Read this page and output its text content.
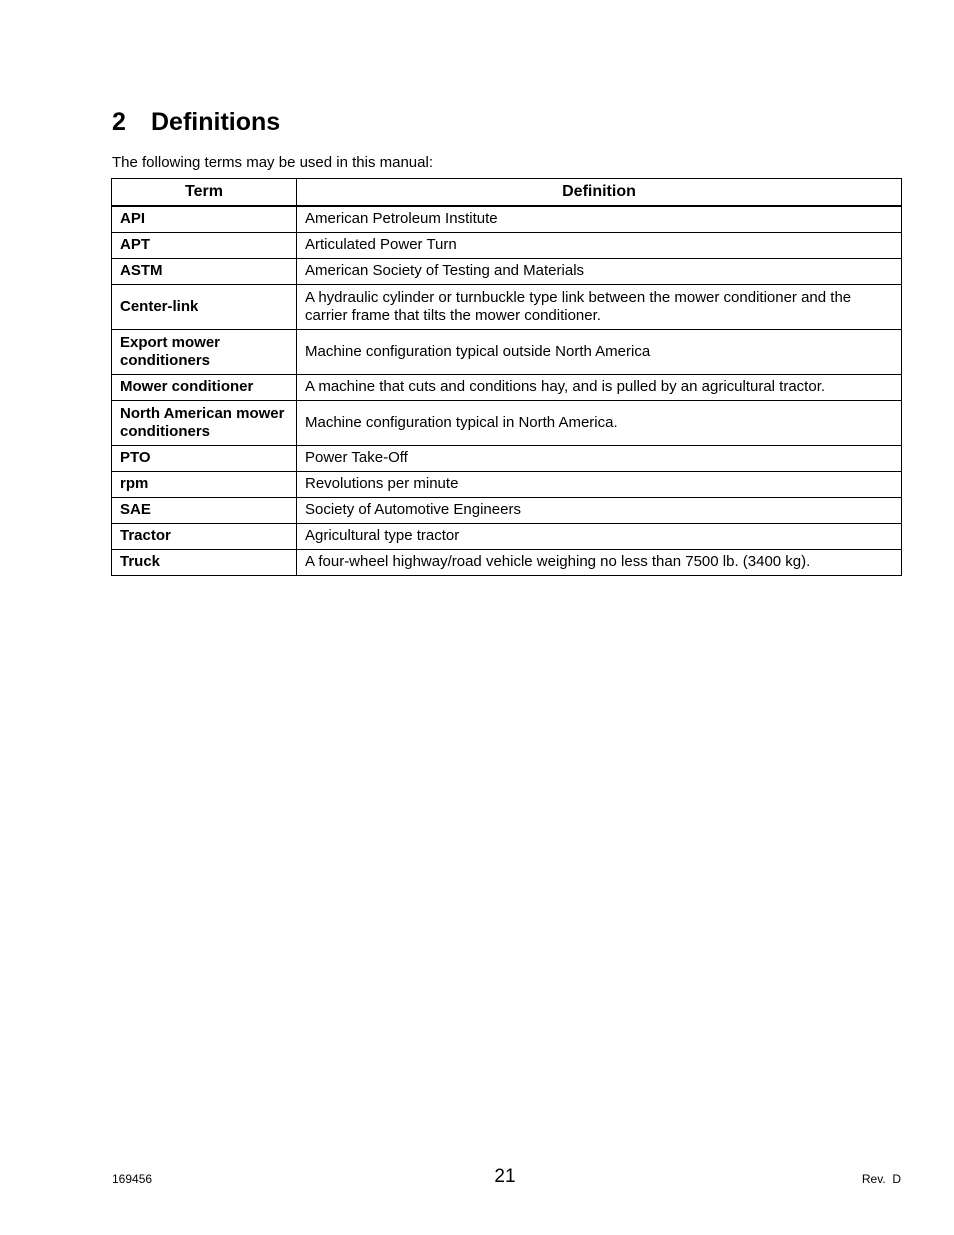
2 Definitions

The following terms may be used in this manual:

Term	Definition
API	American Petroleum Institute
APT	Articulated Power Turn
ASTM	American Society of Testing and Materials
Center-link	A hydraulic cylinder or turnbuckle type link between the mower conditioner and the carrier frame that tilts the mower conditioner.
Export mower conditioners	Machine configuration typical outside North America
Mower conditioner	A machine that cuts and conditions hay, and is pulled by an agricultural tractor.
North American mower conditioners	Machine configuration typical in North America.
PTO	Power Take-Off
rpm	Revolutions per minute
SAE	Society of Automotive Engineers
Tractor	Agricultural type tractor
Truck	A four-wheel highway/road vehicle weighing no less than 7500 lb. (3400 kg).
169456	21	Rev.  D
